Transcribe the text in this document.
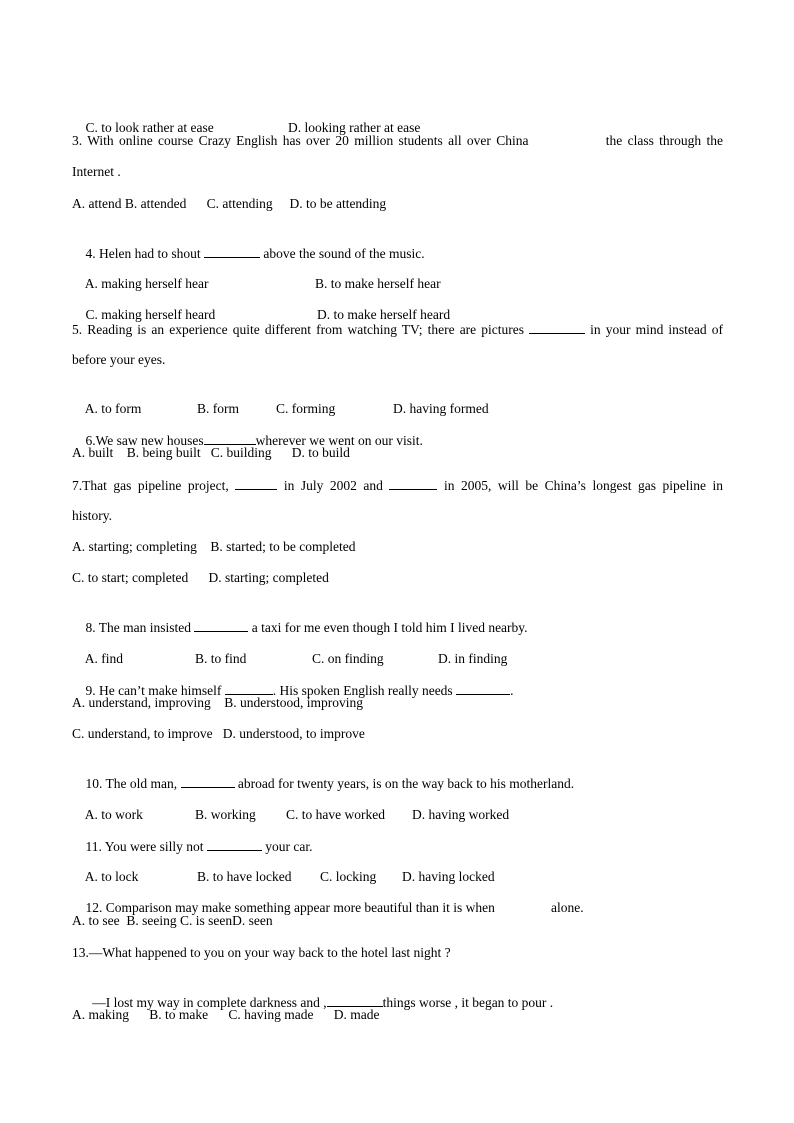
C. to look rather at ease	D. looking rather at ease

3. With online course Crazy English has over 20 million students all over China	the class through the
Internet .
A. attend B. attended      C. attending     D. to be attending

4. Helen had to shout	above the sound of the music.

A. making herself hear	B. to make herself hear

C. making herself heard	D. to make herself heard

5. Reading is an experience quite different from watching TV; there are pictures	in your mind instead of
before your eyes.

A. to form	B. form	C. forming	D. having formed

6.We saw new houses	wherever we went on our visit.

A. built    B. being built   C. building      D. to build
7.That gas pipeline project,	in July 2002 and	in 2005, will be China’s longest gas pipeline in
history.
A. starting; completing    B. started; to be completed
C. to start; completed      D. starting; completed

8. The man insisted	a taxi for me even though I told him I lived nearby.

A. find	B. to find	C. on finding	D. in finding

9. He can’t make himself	. His spoken English really needs	.

A. understand, improving    B. understood, improving
C. understand, to improve   D. understood, to improve

10. The old man,	abroad for twenty years, is on the way back to his motherland.

A. to work	B. working C. to have worked D. having worked

11. You were silly not	your car.

A. to lock	B. to have locked C. locking D. having locked

12. Comparison may make something appear more beautiful than it is when	alone.

A. to see  B. seeing C. is seenD. seen
13.—What happened to you on your way back to the hotel last night ?

—I lost my way in complete darkness and ,	things worse , it began to pour .

A. making      B. to make      C. having made      D. made
